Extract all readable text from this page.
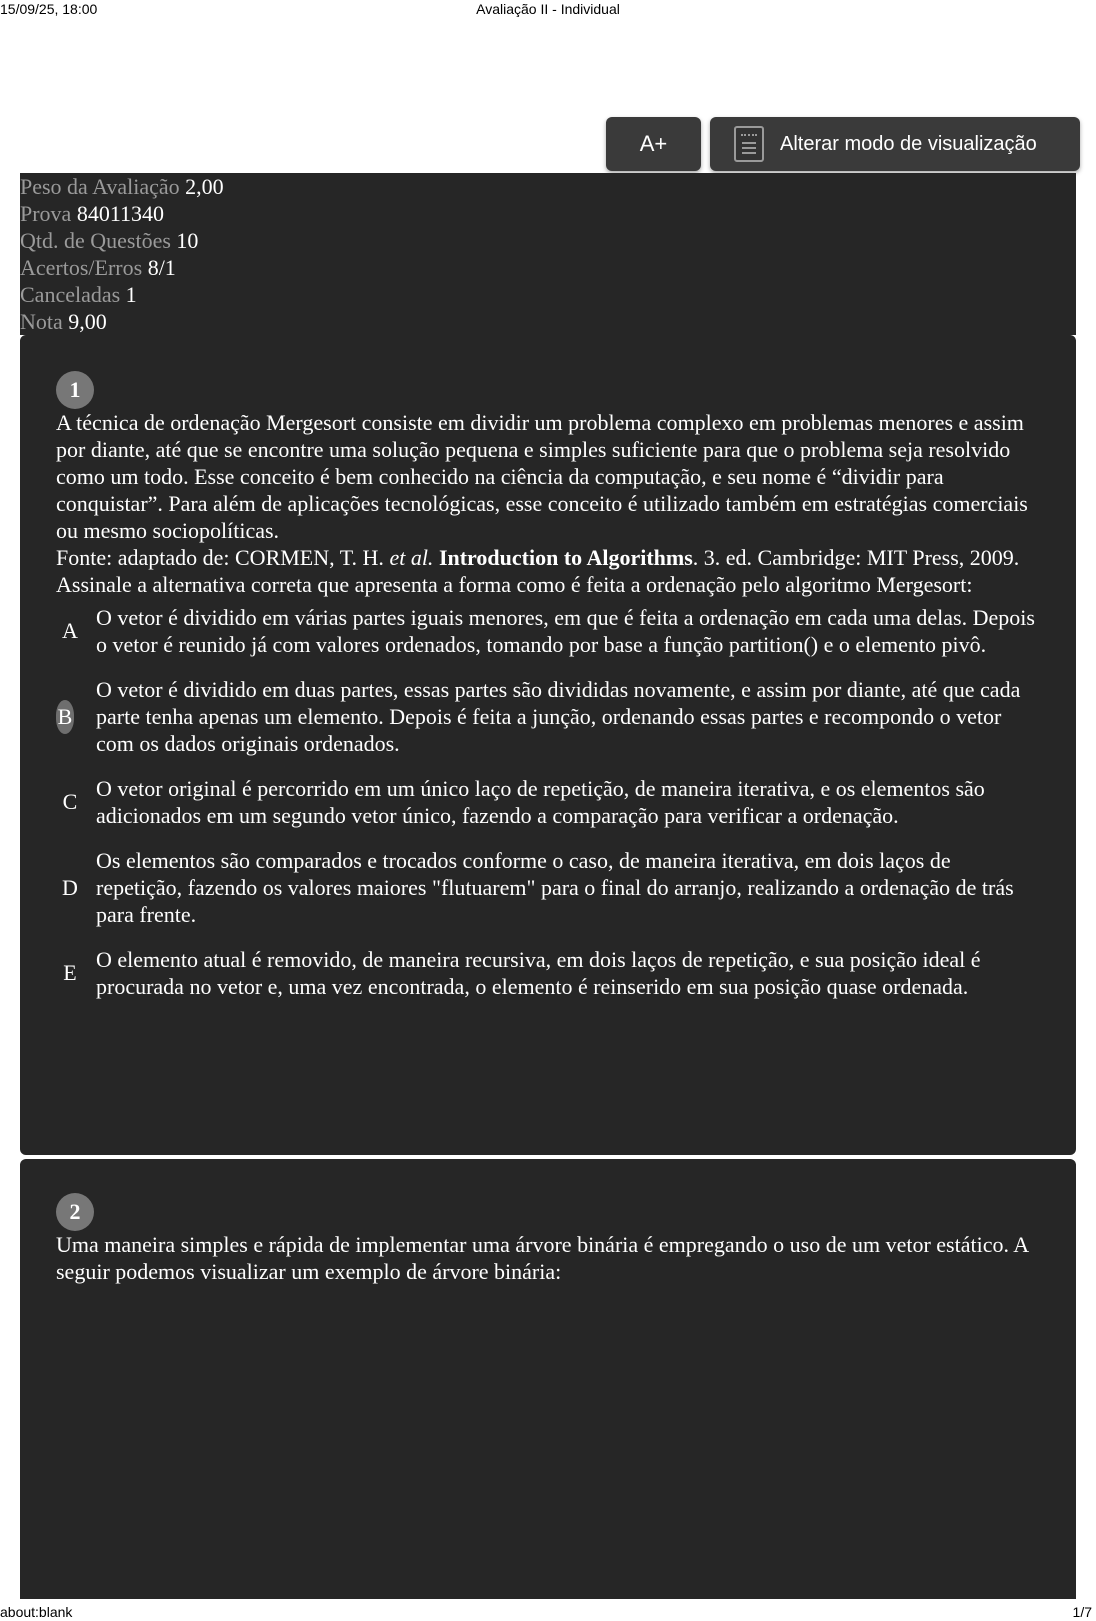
15/09/25, 18:00	Avaliação II - Individual
A+	Alterar modo de visualização
Peso da Avaliação 2,00
Prova 84011340
Qtd. de Questões 10
Acertos/Erros 8/1
Canceladas 1
Nota 9,00
1

A técnica de ordenação Mergesort consiste em dividir um problema complexo em problemas menores e assim por diante, até que se encontre uma solução pequena e simples suficiente para que o problema seja resolvido como um todo. Esse conceito é bem conhecido na ciência da computação, e seu nome é “dividir para conquistar”. Para além de aplicações tecnológicas, esse conceito é utilizado também em estratégias comerciais ou mesmo sociopolíticas.

Fonte: adaptado de: CORMEN, T. H. et al. Introduction to Algorithms. 3. ed. Cambridge: MIT Press, 2009.

Assinale a alternativa correta que apresenta a forma como é feita a ordenação pelo algoritmo Mergesort:

A
O vetor é dividido em várias partes iguais menores, em que é feita a ordenação em cada uma delas. Depois o vetor é reunido já com valores ordenados, tomando por base a função partition() e o elemento pivô.
B
O vetor é dividido em duas partes, essas partes são divididas novamente, e assim por diante, até que cada parte tenha apenas um elemento. Depois é feita a junção, ordenando essas partes e recompondo o vetor com os dados originais ordenados.
C
O vetor original é percorrido em um único laço de repetição, de maneira iterativa, e os elementos são adicionados em um segundo vetor único, fazendo a comparação para verificar a ordenação.
D
Os elementos são comparados e trocados conforme o caso, de maneira iterativa, em dois laços de repetição, fazendo os valores maiores "flutuarem" para o final do arranjo, realizando a ordenação de trás para frente.
E
O elemento atual é removido, de maneira recursiva, em dois laços de repetição, e sua posição ideal é procurada no vetor e, uma vez encontrada, o elemento é reinserido em sua posição quase ordenada.
2

Uma maneira simples e rápida de implementar uma árvore binária é empregando o uso de um vetor estático. A seguir podemos visualizar um exemplo de árvore binária:

about:blank	1/7
